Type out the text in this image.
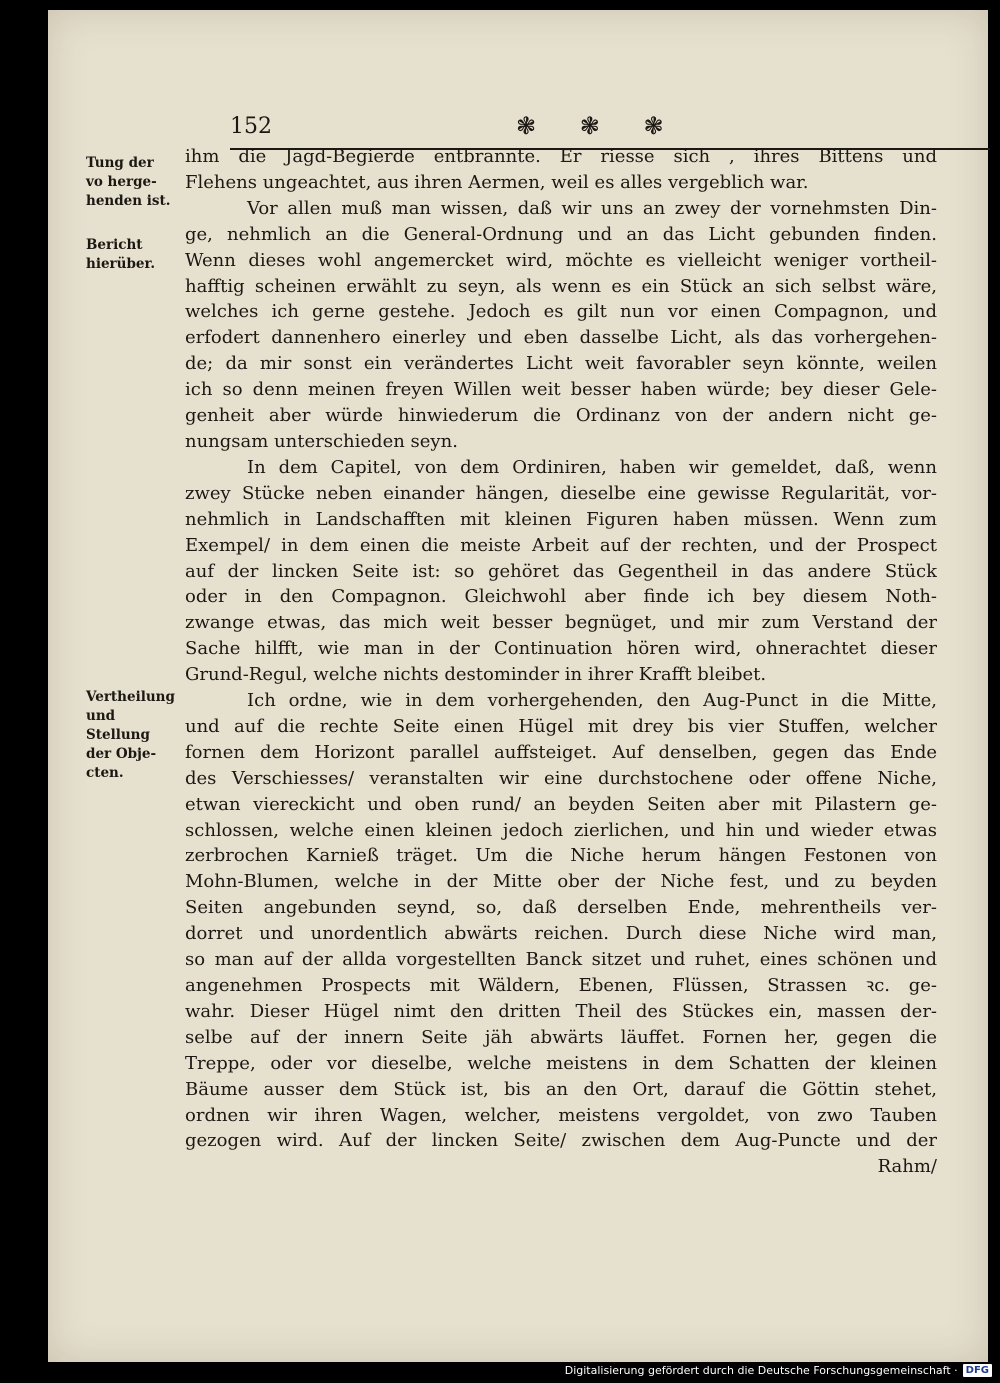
152	❃ ❃ ❃
Tung der
vo herge-
henden ist.
Bericht
hierüber.
Vertheilung und
Stellung
der Obje-
cten.
ihm die Jagd-Begierde entbrannte. Er riesse sich , ihres Bittens und
Flehens ungeachtet, aus ihren Aermen, weil es alles vergeblich war.
Vor allen muß man wissen, daß wir uns an zwey der vornehmsten Din-
ge, nehmlich an die General-Ordnung und an das Licht gebunden finden.
Wenn dieses wohl angemercket wird, möchte es vielleicht weniger vortheil-
hafftig scheinen erwählt zu seyn, als wenn es ein Stück an sich selbst wäre,
welches ich gerne gestehe. Jedoch es gilt nun vor einen Compagnon, und
erfodert dannenhero einerley und eben dasselbe Licht, als das vorhergehen-
de; da mir sonst ein verändertes Licht weit favorabler seyn könnte, weilen
ich so denn meinen freyen Willen weit besser haben würde; bey dieser Gele-
genheit aber würde hinwiederum die Ordinanz von der andern nicht ge-
nungsam unterschieden seyn.
In dem Capitel, von dem Ordiniren, haben wir gemeldet, daß, wenn
zwey Stücke neben einander hängen, dieselbe eine gewisse Regularität, vor-
nehmlich in Landschafften mit kleinen Figuren haben müssen. Wenn zum
Exempel/ in dem einen die meiste Arbeit auf der rechten, und der Prospect
auf der lincken Seite ist: so gehöret das Gegentheil in das andere Stück
oder in den Compagnon. Gleichwohl aber finde ich bey diesem Noth-
zwange etwas, das mich weit besser begnüget, und mir zum Verstand der
Sache hilfft, wie man in der Continuation hören wird, ohnerachtet dieser
Grund-Regul, welche nichts destominder in ihrer Krafft bleibet.
Ich ordne, wie in dem vorhergehenden, den Aug-Punct in die Mitte,
und auf die rechte Seite einen Hügel mit drey bis vier Stuffen, welcher
fornen dem Horizont parallel auffsteiget. Auf denselben, gegen das Ende
des Verschiesses/ veranstalten wir eine durchstochene oder offene Niche,
etwan viereckicht und oben rund/ an beyden Seiten aber mit Pilastern ge-
schlossen, welche einen kleinen jedoch zierlichen, und hin und wieder etwas
zerbrochen Karnieß träget. Um die Niche herum hängen Festonen von
Mohn-Blumen, welche in der Mitte ober der Niche fest, und zu beyden
Seiten angebunden seynd, so, daß derselben Ende, mehrentheils ver-
dorret und unordentlich abwärts reichen. Durch diese Niche wird man,
so man auf der allda vorgestellten Banck sitzet und ruhet, eines schönen und
angenehmen Prospects mit Wäldern, Ebenen, Flüssen, Strassen ꝛc. ge-
wahr. Dieser Hügel nimt den dritten Theil des Stückes ein, massen der-
selbe auf der innern Seite jäh abwärts läuffet. Fornen her, gegen die
Treppe, oder vor dieselbe, welche meistens in dem Schatten der kleinen
Bäume ausser dem Stück ist, bis an den Ort, darauf die Göttin stehet,
ordnen wir ihren Wagen, welcher, meistens vergoldet, von zwo Tauben
gezogen wird. Auf der lincken Seite/ zwischen dem Aug-Puncte und der
Rahm/
Digitalisierung gefördert durch die Deutsche Forschungsgemeinschaft · DFG
